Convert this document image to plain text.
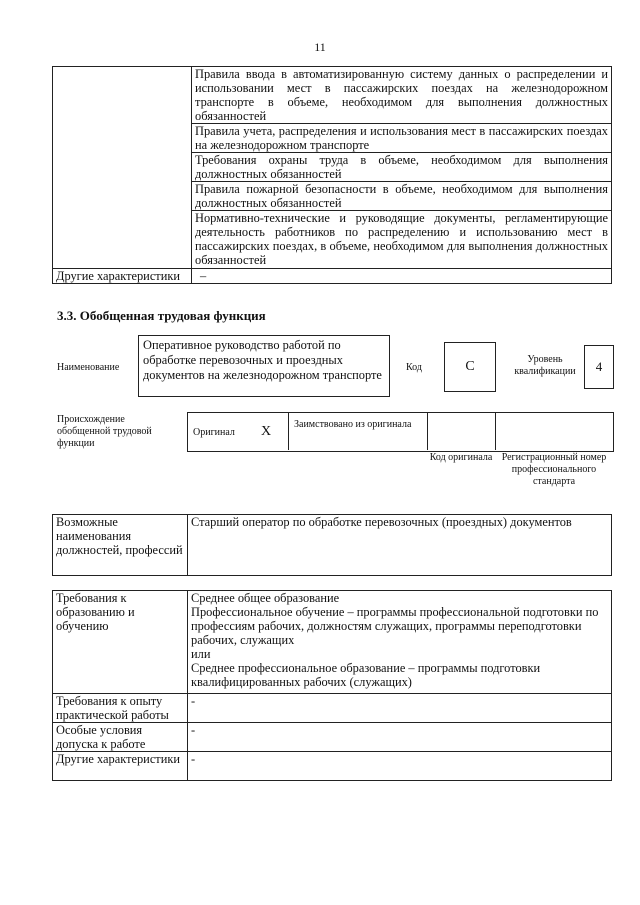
11
	Правила ввода в автоматизированную систему данных о распределении и использовании мест в пассажирских поездах на железнодорожном транспорте в объеме, необходимом для выполнения должностных обязанностей
	Правила учета, распределения и использования мест в пассажирских поездах на железнодорожном транспорте
	Требования охраны труда в объеме, необходимом для выполнения должностных обязанностей
	Правила пожарной безопасности в объеме, необходимом для выполнения должностных обязанностей
	Нормативно-технические и руководящие документы, регламентирующие деятельность работников по распределению и использованию мест в пассажирских поездах, в объеме, необходимом для выполнения должностных обязанностей
Другие характеристики	–
3.3. Обобщенная трудовая функция
Наименование
Оперативное руководство работой по обработке перевозочных и проездных документов на железнодорожном транспорте
Код	C	Уровень квалификации	4
Происхождение обобщенной трудовой функции
Оригинал X Заимствовано из оригинала
Код оригинала Регистрационный номер профессионального стандарта
Возможные наименования должностей, профессий	Старший оператор по обработке перевозочных (проездных) документов
Требования к образованию и обучению	Среднее общее образование
Профессиональное обучение – программы профессиональной подготовки по профессиям рабочих, должностям служащих, программы переподготовки рабочих, служащих
или
Среднее профессиональное образование – программы подготовки квалифицированных рабочих (служащих)
Требования к опыту практической работы	-
Особые условия допуска к работе	-
Другие характеристики	-
